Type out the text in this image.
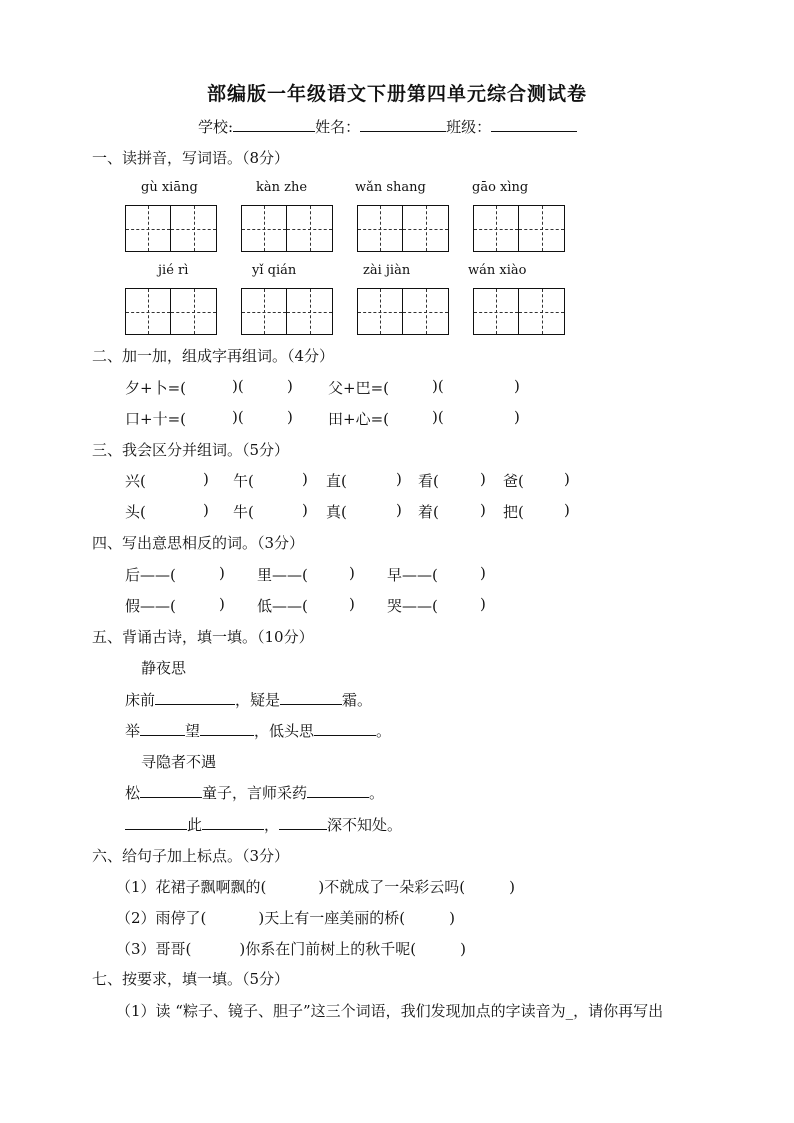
部编版一年级语文下册第四单元综合测试卷
学校:	姓名：	班级：
一、读拼音，写词语。（8分）
gù xiāng	kàn zhe	wǎn shang	gāo xìng
jié rì	yǐ qián	zài jiàn	wán xiào
二、加一加，组成字再组词。（4分）
夕+卜=(	)(	) 父+巴=(	)(	)
口+十=(	)(	) 田+心=(	)(	)
三、我会区分并组词。（5分）
兴(	) 午(	) 直(	) 看(	) 爸(	)
头(	) 牛(	) 真(	) 着(	) 把(	)
四、写出意思相反的词。（3分）
后——(	) 里——(	) 早——(	)
假——(	) 低——(	) 哭——(	)
五、背诵古诗，填一填。（10分）
静夜思
床前	，疑是	霜。
举	望	，低头思	。
寻隐者不遇
松	童子，言师采药	。
此	，	深不知处。
六、给句子加上标点。（3分）
（1）花裙子飘啊飘的(	)不就成了一朵彩云吗(	)
（2）雨停了(	)天上有一座美丽的桥(	)
（3）哥哥(	)你系在门前树上的秋千呢(	)
七、按要求，填一填。（5分）
（1）读 “粽子、镜子、胆子”这三个词语，我们发现加点的字读音为_，请你再写出
